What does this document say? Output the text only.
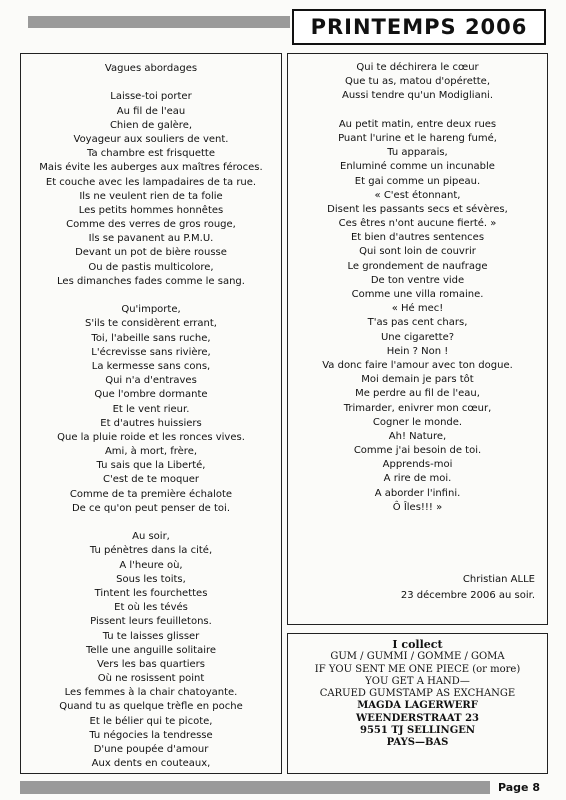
PRINTEMPS 2006
Vagues abordages
Laisse-toi porter
Au fil de l'eau
Chien de galère,
Voyageur aux souliers de vent.
Ta chambre est frisquette
Mais évite les auberges aux maîtres féroces.
Et couche avec les lampadaires de ta rue.
Ils ne veulent rien de ta folie
Les petits hommes honnêtes
Comme des verres de gros rouge,
Ils se pavanent au P.M.U.
Devant un pot de bière rousse
Ou de pastis multicolore,
Les dimanches fades comme le sang.
Qu'importe,
S'ils te considèrent errant,
Toi, l'abeille sans ruche,
L'écrevisse sans rivière,
La kermesse sans cons,
Qui n'a d'entraves
Que l'ombre dormante
Et le vent rieur.
Et d'autres huissiers
Que la pluie roide et les ronces vives.
Ami, à mort, frère,
Tu sais que la Liberté,
C'est de te moquer
Comme de ta première échalote
De ce qu'on peut penser de toi.
Au soir,
Tu pénètres dans la cité,
A l'heure où,
Sous les toits,
Tintent les fourchettes
Et où les tévés
Pissent leurs feuilletons.
Tu te laisses glisser
Telle une anguille solitaire
Vers les bas quartiers
Où ne rosissent point
Les femmes à la chair chatoyante.
Quand tu as quelque trèfle en poche
Et le bélier qui te picote,
Tu négocies la tendresse
D'une poupée d'amour
Aux dents en couteaux,
Qui te déchirera le cœur
Que tu as, matou d'opérette,
Aussi tendre qu'un Modigliani.
Au petit matin, entre deux rues
Puant l'urine et le hareng fumé,
Tu apparais,
Enluminé comme un incunable
Et gai comme un pipeau.
« C'est étonnant,
Disent les passants secs et sévères,
Ces êtres n'ont aucune fierté. »
Et bien d'autres sentences
Qui sont loin de couvrir
Le grondement de naufrage
De ton ventre vide
Comme une villa romaine.
« Hé mec!
T'as pas cent chars,
Une cigarette?
Hein ? Non !
Va donc faire l'amour avec ton dogue.
Moi demain je pars tôt
Me perdre au fil de l'eau,
Trimarder, enivrer mon cœur,
Cogner le monde.
Ah! Nature,
Comme j'ai besoin de toi.
Apprends-moi
A rire de moi.
A aborder l'infini.
Ô Îles!!! »
Christian ALLE
23 décembre 2006 au soir.
I collect
GUM / GUMMI / GOMME / GOMA
IF YOU SENT ME ONE PIECE (or more)
YOU GET A HAND—
CARUED GUMSTAMP AS EXCHANGE
MAGDA LAGERWERF
WEENDERSTRAAT 23
9551 TJ SELLINGEN
PAYS—BAS
Page 8
